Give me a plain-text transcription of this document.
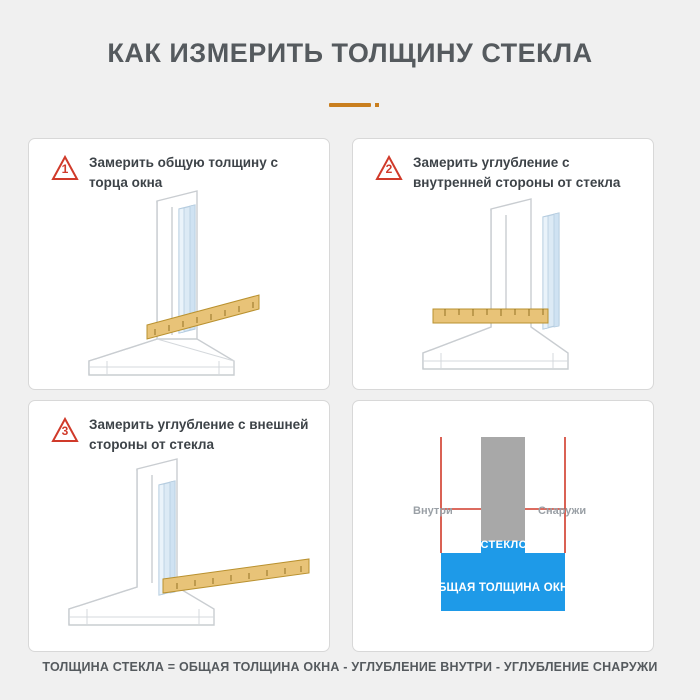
КАК ИЗМЕРИТЬ ТОЛЩИНУ СТЕКЛА
1	Замерить общую толщину с торца окна
2	Замерить углубление с внутренней стороны от стекла
3	Замерить углубление с внешней стороны от стекла
Внутри	Снаружи
СТЕКЛО
ОБЩАЯ ТОЛЩИНА ОКНА
ТОЛЩИНА СТЕКЛА = ОБЩАЯ ТОЛЩИНА ОКНА - УГЛУБЛЕНИЕ ВНУТРИ - УГЛУБЛЕНИЕ СНАРУЖИ
